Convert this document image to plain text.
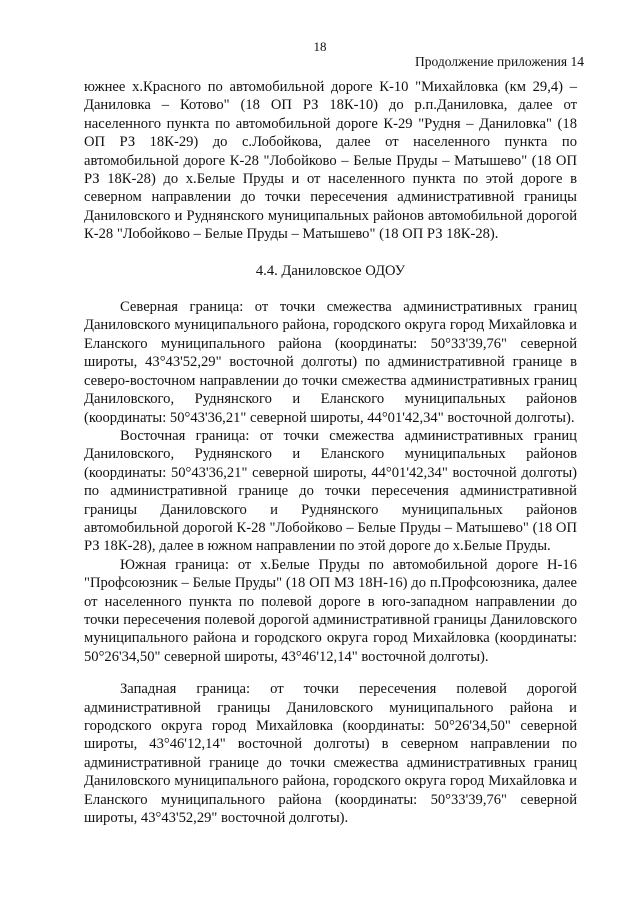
18
Продолжение приложения 14

южнее х.Красного по автомобильной дороге К-10 "Михайловка (км 29,4) – Даниловка – Котово" (18 ОП РЗ 18К-10) до р.п.Даниловка, далее от населенного пункта по автомобильной дороге К-29 "Рудня – Даниловка" (18 ОП РЗ 18К-29) до с.Лобойкова, далее от населенного пункта по автомобильной дороге К-28 "Лобойково – Белые Пруды – Матышево" (18 ОП РЗ 18К-28) до х.Белые Пруды и от населенного пункта по этой дороге в северном направлении до точки пересечения административной границы Даниловского и Руднянского муниципальных районов автомобильной дорогой К-28 "Лобойково – Белые Пруды – Матышево" (18 ОП РЗ 18К-28).

4.4. Даниловское ОДОУ

Северная граница: от точки смежества административных границ Даниловского муниципального района, городского округа город Михайловка и Еланского муниципального района (координаты: 50°33'39,76" северной широты, 43°43'52,29" восточной долготы) по административной границе в северо-восточном направлении до точки смежества административных границ Даниловского, Руднянского и Еланского муниципальных районов (координаты: 50°43'36,21" северной широты, 44°01'42,34" восточной долготы).

Восточная граница: от точки смежества административных границ Даниловского, Руднянского и Еланского муниципальных районов (координаты: 50°43'36,21" северной широты, 44°01'42,34" восточной долготы) по административной границе до точки пересечения административной границы Даниловского и Руднянского муниципальных районов автомобильной дорогой К-28 "Лобойково – Белые Пруды – Матышево" (18 ОП РЗ 18К-28), далее в южном направлении по этой дороге до х.Белые Пруды.

Южная граница: от х.Белые Пруды по автомобильной дороге Н-16 "Профсоюзник – Белые Пруды" (18 ОП МЗ 18Н-16) до п.Профсоюзника, далее от населенного пункта по полевой дороге в юго-западном направлении до точки пересечения полевой дорогой административной границы Даниловского муниципального района и городского округа город Михайловка (координаты: 50°26'34,50" северной широты, 43°46'12,14" восточной долготы).

Западная граница: от точки пересечения полевой дорогой административной границы Даниловского муниципального района и городского округа город Михайловка (координаты: 50°26'34,50" северной широты, 43°46'12,14" восточной долготы) в северном направлении по административной границе до точки смежества административных границ Даниловского муниципального района, городского округа город Михайловка и Еланского муниципального района (координаты: 50°33'39,76" северной широты, 43°43'52,29" восточной долготы).
